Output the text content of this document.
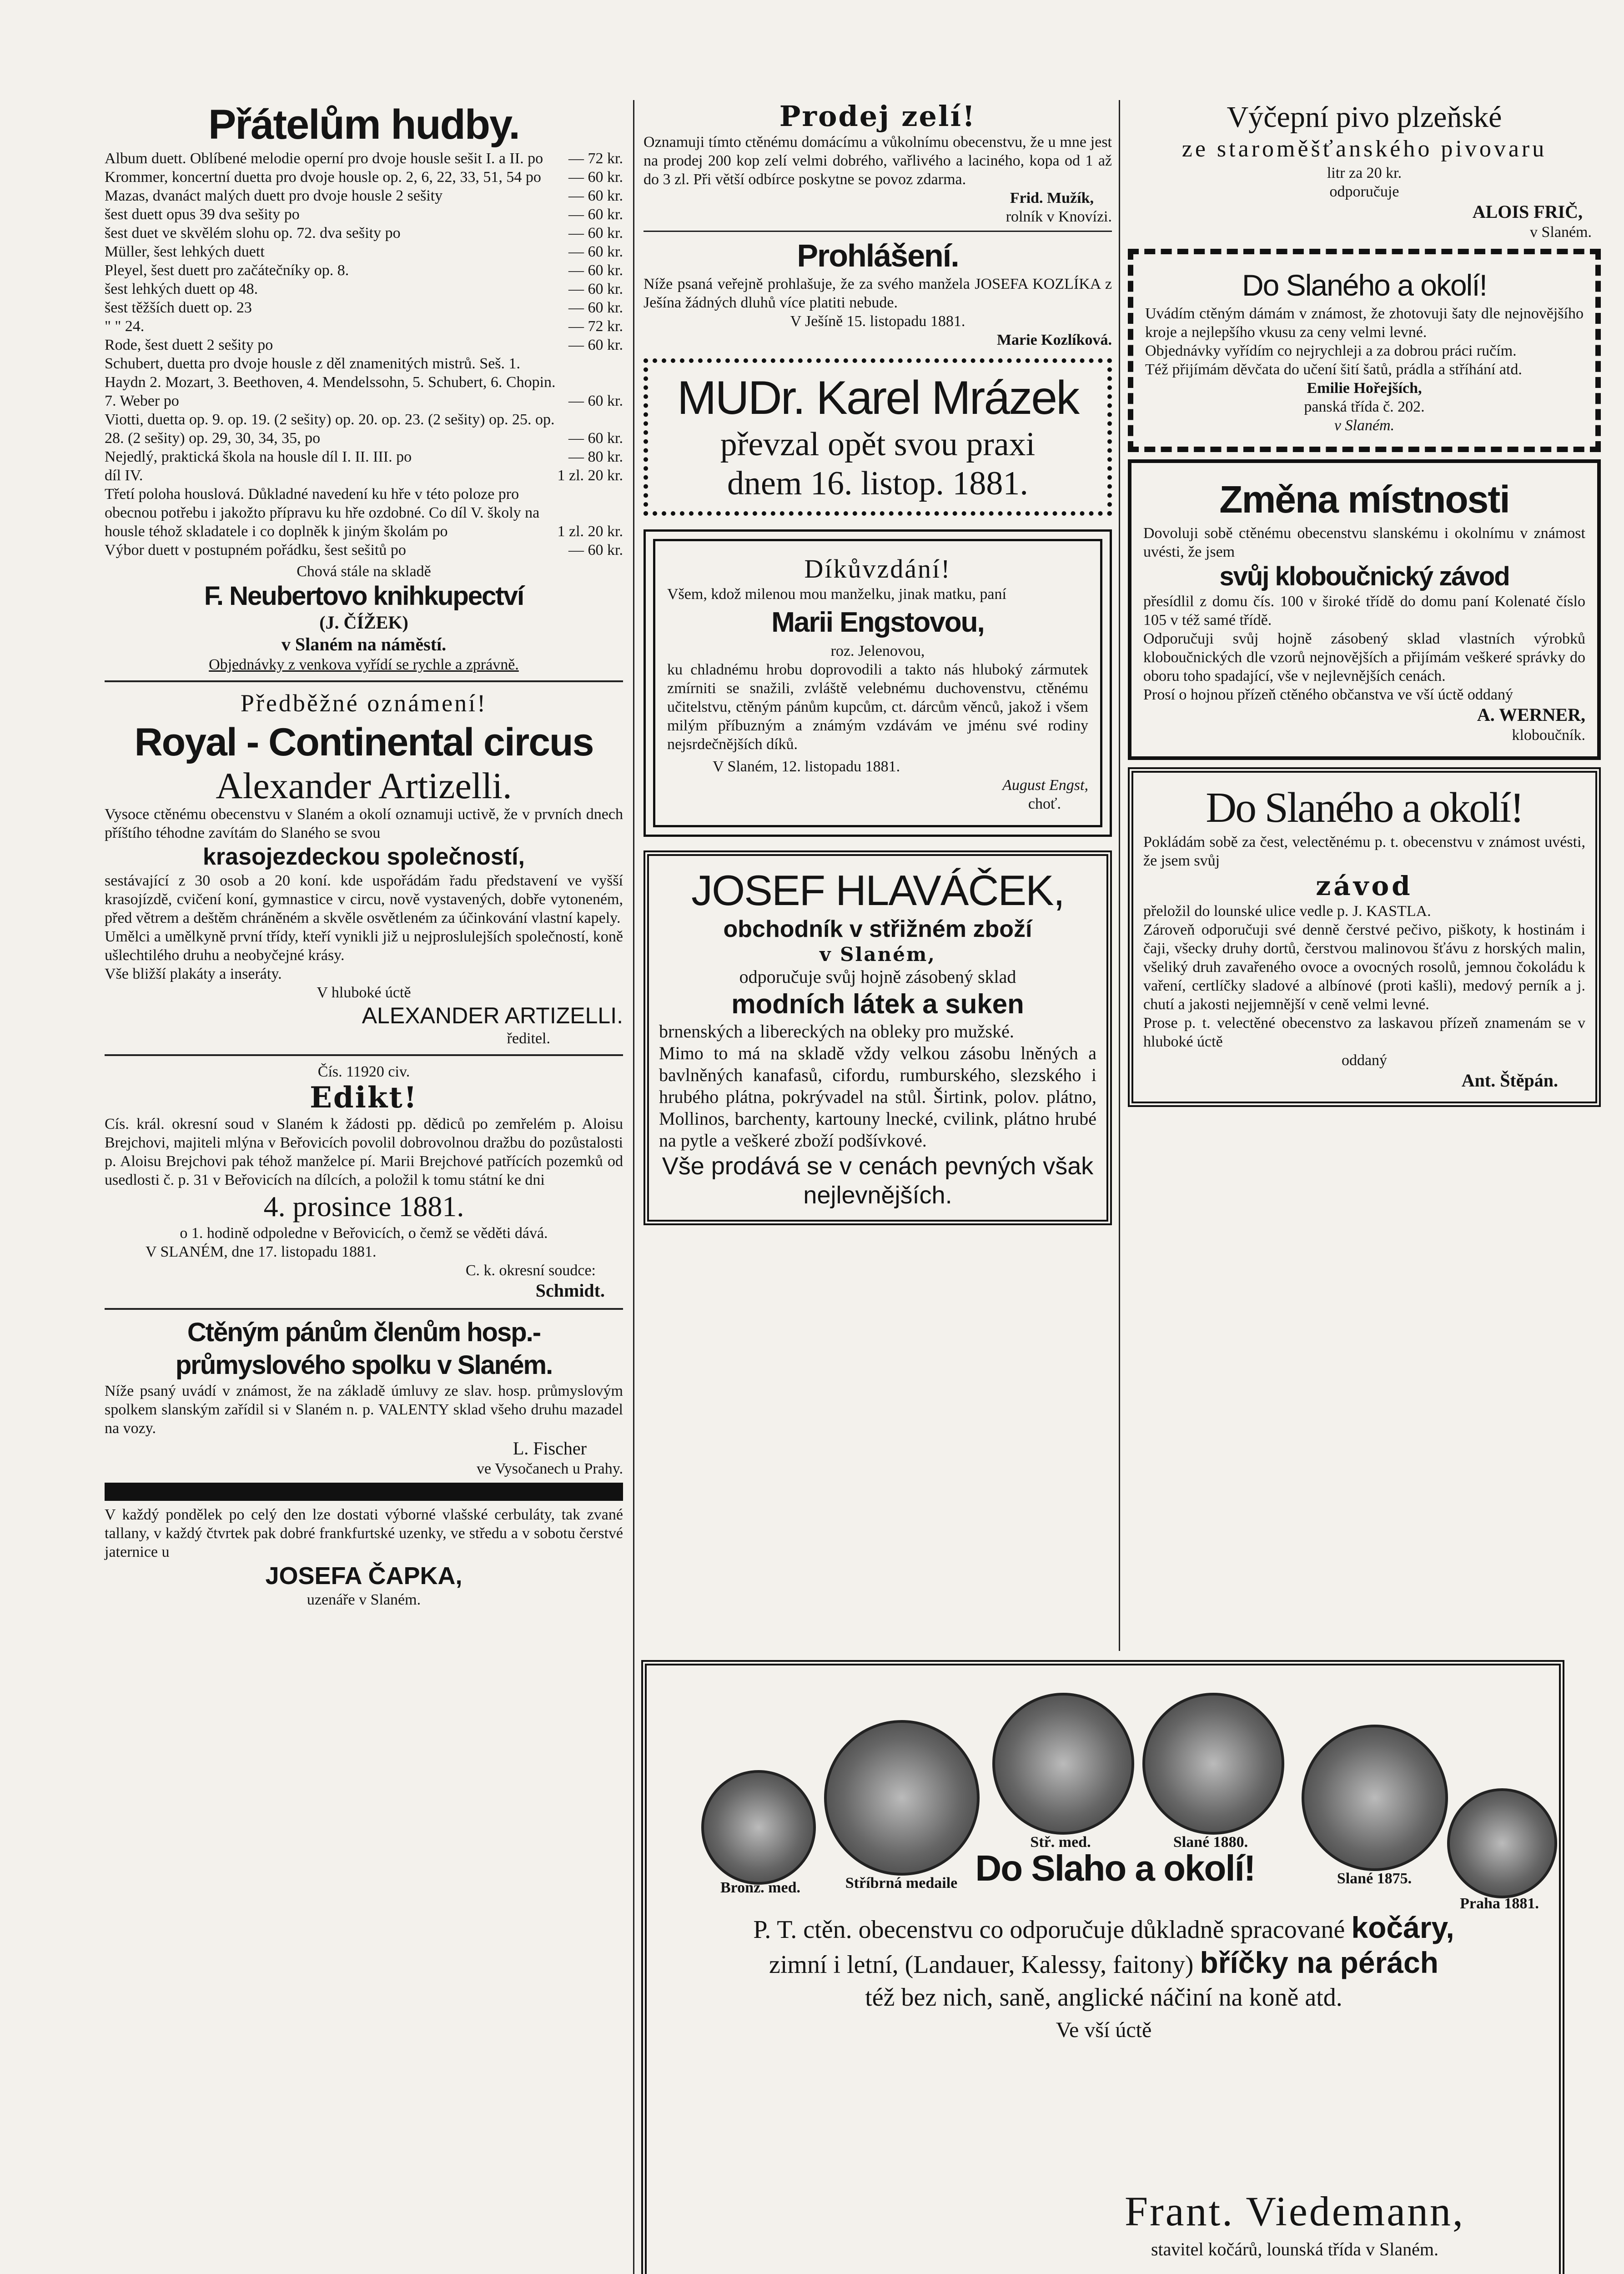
Přátelům hudby.
Album duett. Oblíbené melodie operní pro dvoje housle sešit I. a II. po — 72 kr.
Krommer, koncertní duetta pro dvoje housle op. 2, 6, 22, 33, 51, 54 po — 60 kr.
Mazas, dvanáct malých duett pro dvoje housle 2 sešity	— 60 kr.
šest duett opus 39 dva sešity po	— 60 kr.
šest duet ve skvělém slohu op. 72. dva sešity po	— 60 kr.
Müller, šest lehkých duett	— 60 kr.
Pleyel, šest duett pro začátečníky op. 8.	— 60 kr.
šest lehkých duett op 48.	— 60 kr.
šest těžších duett op. 23	— 60 kr.
" " 24.	— 72 kr.
Rode, šest duett 2 sešity po	— 60 kr.
Schubert, duetta pro dvoje housle z děl znamenitých mistrů. Seš. 1. Haydn 2. Mozart, 3. Beethoven, 4. Mendelssohn, 5. Schubert, 6. Chopin. 7. Weber po	— 60 kr.
Viotti, duetta op. 9. op. 19. (2 sešity) op. 20. op. 23. (2 sešity) op. 25. op. 28. (2 sešity) op. 29, 30, 34, 35, po	— 60 kr.
Nejedlý, praktická škola na housle díl I. II. III. po	— 80 kr.
díl IV.	1 zl. 20 kr.
Třetí poloha houslová. Důkladné navedení ku hře v této poloze pro obecnou potřebu i jakožto přípravu ku hře ozdobné. Co díl V. školy na housle téhož skladatele i co doplněk k jiným školám po	1 zl. 20 kr.
Výbor duett v postupném pořádku, šest sešitů po	— 60 kr.
Chová stále na skladě
F. Neubertovo knihkupectví
(J. ČÍŽEK)
v Slaném na náměstí.
Objednávky z venkova vyřídí se rychle a zprávně.
Předběžné oznámení!
Royal - Continental circus
Alexander Artizelli.
Vysoce ctěnému obecenstvu v Slaném a okolí oznamuji uctivě, že v prvních dnech příštího téhodne zavítám do Slaného se svou
krasojezdeckou společností,
sestávající z 30 osob a 20 koní. kde uspořádám řadu představení ve vyšší krasojízdě, cvičení koní, gymnastice v circu, nově vystavených, dobře vytoneném, před větrem a deštěm chráněném a skvěle osvětleném za účinkování vlastní kapely.
Umělci a umělkyně první třídy, kteří vynikli již u nejproslulejších společností, koně ušlechtilého druhu a neobyčejné krásy.
Vše bližší plakáty a inseráty.
V hluboké úctě
ALEXANDER ARTIZELLI.
ředitel.
Čís. 11920 civ.
Edikt!
Cís. král. okresní soud v Slaném k žádosti pp. dědiců po zemřelém p. Aloisu Brejchovi, majiteli mlýna v Beřovicích povolil dobrovolnou dražbu do pozůstalosti p. Aloisu Brejchovi pak téhož manželce pí. Marii Brejchové patřících pozemků od usedlosti č. p. 31 v Beřovicích na dílcích, a položil k tomu státní ke dni
4. prosince 1881.
o 1. hodině odpoledne v Beřovicích, o čemž se věděti dává.
V SLANÉM, dne 17. listopadu 1881.
C. k. okresní soudce:
Schmidt.
Ctěným pánům členům hosp.-průmyslového spolku v Slaném.
Níže psaný uvádí v známost, že na základě úmluvy ze slav. hosp. průmyslovým spolkem slanským zařídil si v Slaném n. p. VALENTY sklad všeho druhu mazadel na vozy.
L. Fischer
ve Vysočanech u Prahy.
V každý pondělek po celý den lze dostati výborné vlašské cerbuláty, tak zvané tallany, v každý čtvrtek pak dobré frankfurtské uzenky, ve středu a v sobotu čerstvé jaternice u
JOSEFA ČAPKA,
uzenáře v Slaném.
Prodej zelí!
Oznamuji tímto ctěnému domácímu a vůkolnímu obecenstvu, že u mne jest na prodej 200 kop zelí velmi dobrého, vařlivého a laciného, kopa od 1 až do 3 zl. Při větší odbírce poskytne se povoz zdarma.
Frid. Mužík,
rolník v Knovízi.
Prohlášení.
Níže psaná veřejně prohlašuje, že za svého manžela JOSEFA KOZLÍKA z Ješína žádných dluhů více platiti nebude.
V Ješíně 15. listopadu 1881.
Marie Kozlíková.
MUDr. Karel Mrázek
převzal opět svou praxi
dnem 16. listop. 1881.
Díkůvzdání!
Všem, kdož milenou mou manželku, jinak matku, paní
Marii Engstovou,
roz. Jelenovou,
ku chladnému hrobu doprovodili a takto nás hluboký zármutek zmírniti se snažili, zvláště velebnému duchovenstvu, ctěnému učitelstvu, ctěným pánům kupcům, ct. dárcům věnců, jakož i všem milým příbuzným a známým vzdávám ve jménu své rodiny nejsrdečnějších díků.
V Slaném, 12. listopadu 1881.
August Engst,
choť.
JOSEF HLAVÁČEK,
obchodník v střižném zboží
v Slaném,
odporučuje svůj hojně zásobený sklad
modních látek a suken
brnenských a libereckých na obleky pro mužské.
Mimo to má na skladě vždy velkou zásobu lněných a bavlněných kanafasů, cifordu, rumburského, slezského i hrubého plátna, pokrývadel na stůl. Širtink, polov. plátno, Mollinos, barchenty, kartouny lnecké, cvilink, plátno hrubé na pytle a veškeré zboží podšívkové.
Vše prodává se v cenách pevných však nejlevnějších.
Výčepní pivo plzeňské
ze staroměšťanského pivovaru
litr za 20 kr.
odporučuje
ALOIS FRIČ,
v Slaném.
Do Slaného a okolí!
Uvádím ctěným dámám v známost, že zhotovuji šaty dle nejnovějšího kroje a nejlepšího vkusu za ceny velmi levné.
Objednávky vyřídím co nejrychleji a za dobrou práci ručím.
Též přijímám děvčata do učení šití šatů, prádla a stříhání atd.
Emilie Hořejších,
panská třída č. 202.
v Slaném.
Změna místnosti
Dovoluji sobě ctěnému obecenstvu slanskému i okolnímu v známost uvésti, že jsem
svůj kloboučnický závod
přesídlil z domu čís. 100 v široké třídě do domu paní Kolenaté číslo 105 v též samé třídě.
Odporučuji svůj hojně zásobený sklad vlastních výrobků kloboučnických dle vzorů nejnovějších a přijímám veškeré správky do oboru toho spadající, vše v nejlevnějších cenách.
Prosí o hojnou přízeň ctěného občanstva ve vší úctě oddaný
A. WERNER,
kloboučník.
Do Slaného a okolí!
Pokládám sobě za čest, velectěnému p. t. obecenstvu v známost uvésti, že jsem svůj
závod
přeložil do lounské ulice vedle p. J. KASTLA.
Zároveň odporučuji své denně čerstvé pečivo, piškoty, k hostinám i čaji, všecky druhy dortů, čerstvou malinovou šťávu z horských malin, všeliký druh zavařeného ovoce a ovocných rosolů, jemnou čokoládu k vaření, certlíčky sladové a albínové (proti kašli), medový perník a j. chutí a jakosti nejjemnější v ceně velmi levné.
Prose p. t. velectěné obecenstvo za laskavou přízeň znamenám se v hluboké úctě
oddaný
Ant. Štěpán.
Bronz. med.	Stříbrná medaile
Stř. med.	Slané 1880.
Slané 1875.
Praha 1881.
Do Slaho a okolí!
P. T. ctěn. obecenstvu co odporučuje důkladně spracované kočáry,
zimní i letní, (Landauer, Kalessy, faitony) bříčky na pérách
též bez nich, saně, anglické náčiní na koně atd.
Ve vší úctě
Frant. Viedemann,
stavitel kočárů, lounská třída v Slaném.
